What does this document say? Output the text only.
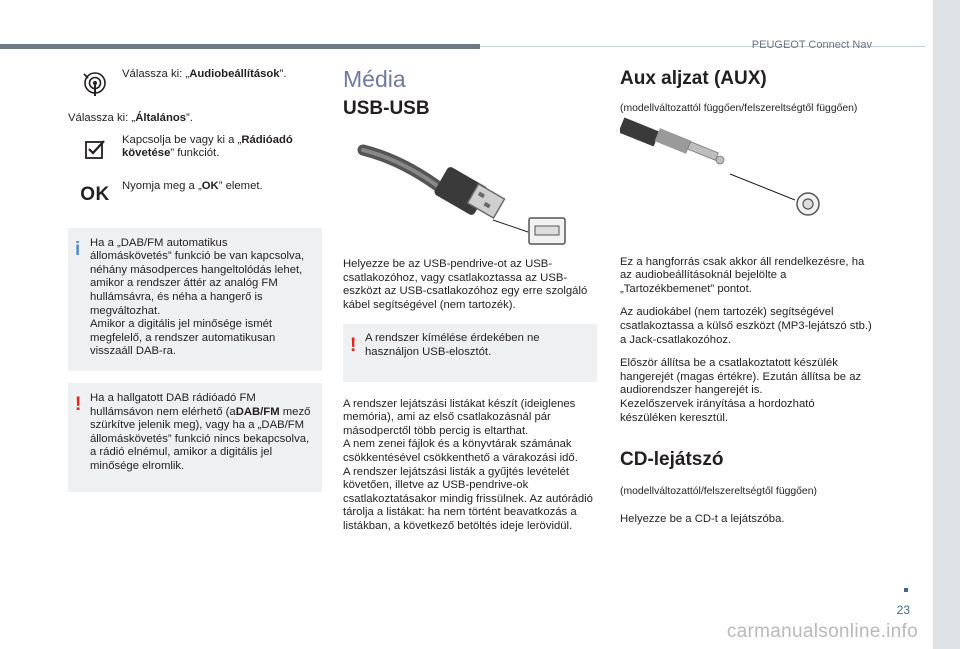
PEUGEOT Connect Nav
23
carmanualsonline.info
Válassza ki: „Audiobeállítások”.

Válassza ki: „Általános”.

Kapcsolja be vagy ki a „Rádióadó követése” funkciót.
OK Nyomja meg a „OK” elemet.
i Ha a „DAB/FM automatikus állomáskövetés” funkció be van kapcsolva, néhány másodperces hangeltolódás lehet, amikor a rendszer áttér az analóg FM hullámsávra, és néha a hangerő is megváltozhat.
Amikor a digitális jel minősége ismét megfelelő, a rendszer automatikusan visszaáll DAB-ra.

! Ha a hallgatott DAB rádióadó FM hullámsávon nem elérhető (aDAB/FM mező szürkítve jelenik meg), vagy ha a „DAB/FM állomáskövetés” funkció nincs bekapcsolva, a rádió elnémul, amikor a digitális jel minősége elromlik.

Média
USB-USB

Helyezze be az USB-pendrive-ot az USB-csatlakozóhoz, vagy csatlakoztassa az USB-eszközt az USB-csatlakozóhoz egy erre szolgáló kábel segítségével (nem tartozék).

! A rendszer kímélése érdekében ne használjon USB-elosztót.

A rendszer lejátszási listákat készít (ideiglenes memória), ami az első csatlakozásnál pár másodperctől több percig is eltarthat.
A nem zenei fájlok és a könyvtárak számának csökkentésével csökkenthető a várakozási idő.
A rendszer lejátszási listák a gyűjtés levételét követően, illetve az USB-pendrive-ok csatlakoztatásakor mindig frissülnek. Az autórádió tárolja a listákat: ha nem történt beavatkozás a listákban, a következő betöltés ideje lerövidül.

Aux aljzat (AUX)

(modellváltozattól függően/felszereltségtől függően)

Ez a hangforrás csak akkor áll rendelkezésre, ha az audiobeállításoknál bejelölte a „Tartozékbemenet” pontot.

Az audiokábel (nem tartozék) segítségével csatlakoztassa a külső eszközt (MP3-lejátszó stb.) a Jack-csatlakozóhoz.

Először állítsa be a csatlakoztatott készülék hangerejét (magas értékre). Ezután állítsa be az audiorendszer hangerejét is.
Kezelőszervek irányítása a hordozható készüléken keresztül.

CD-lejátszó

(modellváltozattól/felszereltségtől függően)

Helyezze be a CD-t a lejátszóba.
